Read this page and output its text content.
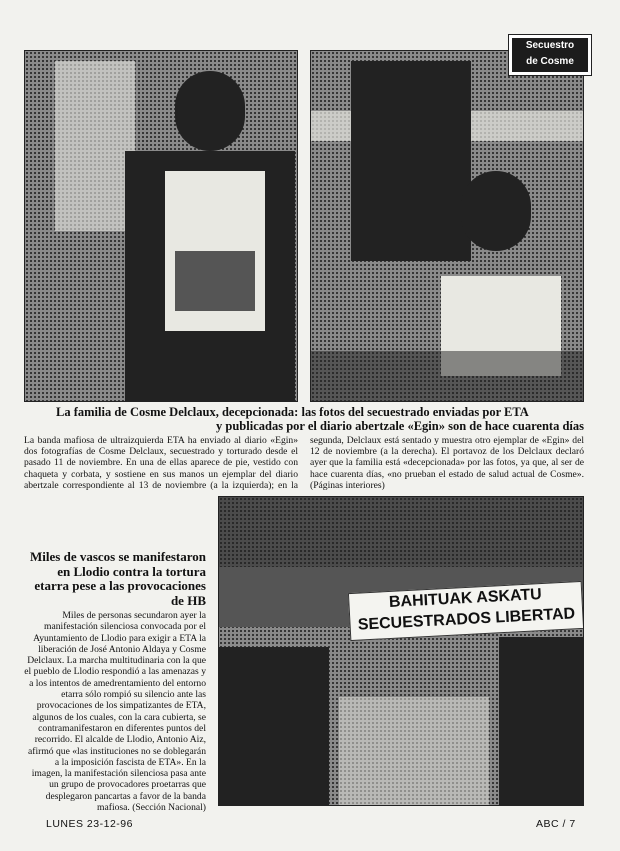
Secuestro
de Cosme
La familia de Cosme Delclaux, decepcionada: las fotos del secuestrado enviadas por ETA
y publicadas por el diario abertzale «Egin» son de hace cuarenta días
La banda mafiosa de ultraizquierda ETA ha enviado al diario «Egin» dos fotografías de Cosme Delclaux, secuestrado y torturado desde el pasado 11 de noviembre. En una de ellas aparece de pie, vestido con chaqueta y corbata, y sostiene en sus manos un ejemplar del diario abertzale correspondiente al 13 de noviembre (a la izquierda); en la segunda, Delclaux está sentado y muestra otro ejemplar de «Egin» del 12 de noviembre (a la derecha). El portavoz de los Delclaux declaró ayer que la familia está «decepcionada» por las fotos, ya que, al ser de hace cuarenta días, «no prueban el estado de salud actual de Cosme». (Páginas interiores)
Miles de vascos se manifestaron en Llodio contra la tortura etarra pese a las provocaciones de HB
Miles de personas secundaron ayer la manifestación silenciosa convocada por el Ayuntamiento de Llodio para exigir a ETA la liberación de José Antonio Aldaya y Cosme Delclaux. La marcha multitudinaria con la que el pueblo de Llodio respondió a las amenazas y a los intentos de amedrentamiento del entorno etarra sólo rompió su silencio ante las provocaciones de los simpatizantes de ETA, algunos de los cuales, con la cara cubierta, se contramanifestaron en diferentes puntos del recorrido. El alcalde de Llodio, Antonio Aiz, afirmó que «las instituciones no se doblegarán a la imposición fascista de ETA». En la imagen, la manifestación silenciosa pasa ante un grupo de provocadores proetarras que desplegaron pancartas a favor de la banda mafiosa. (Sección Nacional)
BAHITUAK ASKATU
SECUESTRADOS LIBERTAD
LUNES 23-12-96	ABC / 7
